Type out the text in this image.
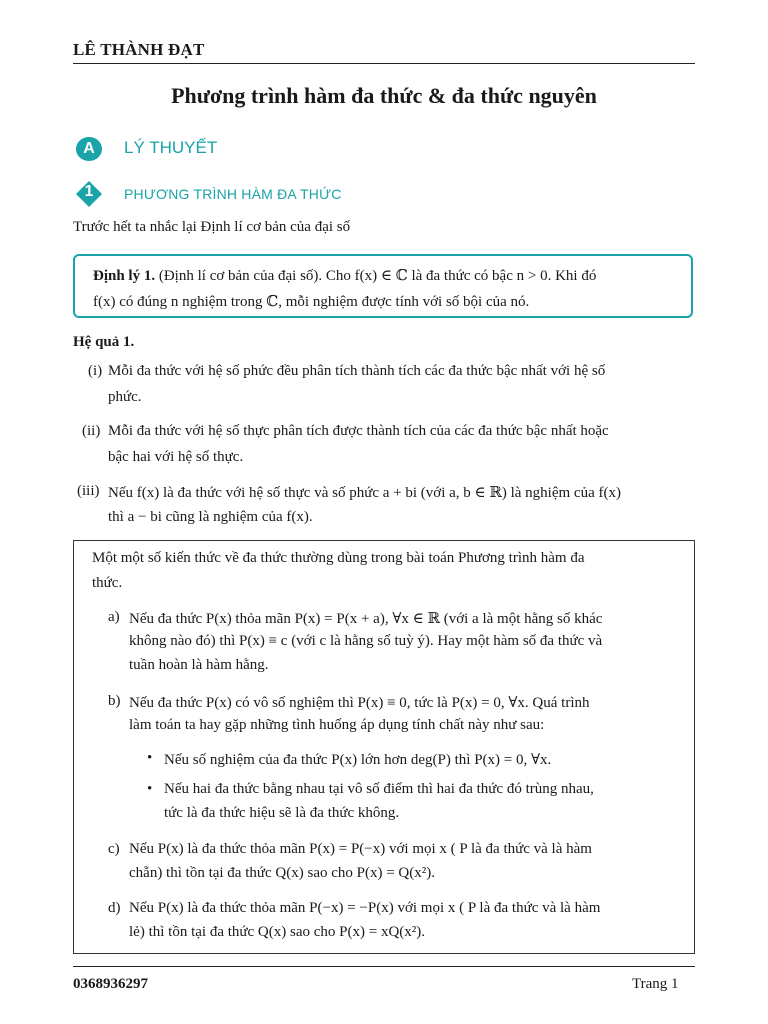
LÊ THÀNH ĐẠT
Phương trình hàm đa thức & đa thức nguyên
A	LÝ THUYẾT
1	PHƯƠNG TRÌNH HÀM ĐA THỨC
Trước hết ta nhắc lại Định lí cơ bản của đại số
Định lý 1. (Định lí cơ bản của đại số). Cho f(x) ∈ ℂ là đa thức có bậc n > 0. Khi đó
f(x) có đúng n nghiệm trong ℂ, mỗi nghiệm được tính với số bội của nó.
Hệ quả 1.
(i) Mỗi đa thức với hệ số phức đều phân tích thành tích các đa thức bậc nhất với hệ số
phức.
(ii) Mỗi đa thức với hệ số thực phân tích được thành tích của các đa thức bậc nhất hoặc
bậc hai với hệ số thực.
(iii) Nếu f(x) là đa thức với hệ số thực và số phức a + bi (với a, b ∈ ℝ) là nghiệm của f(x)
thì a − bi cũng là nghiệm của f(x).
Một một số kiến thức về đa thức thường dùng trong bài toán Phương trình hàm đa
thức.
a) Nếu đa thức P(x) thỏa mãn P(x) = P(x + a), ∀x ∈ ℝ (với a là một hằng số khác
không nào đó) thì P(x) ≡ c (với c là hằng số tuỳ ý). Hay một hàm số đa thức và
tuần hoàn là hàm hằng.
b) Nếu đa thức P(x) có vô số nghiệm thì P(x) ≡ 0, tức là P(x) = 0, ∀x. Quá trình
làm toán ta hay gặp những tình huống áp dụng tính chất này như sau:
• Nếu số nghiệm của đa thức P(x) lớn hơn deg(P) thì P(x) = 0, ∀x.
• Nếu hai đa thức bằng nhau tại vô số điểm thì hai đa thức đó trùng nhau,
tức là đa thức hiệu sẽ là đa thức không.
c) Nếu P(x) là đa thức thỏa mãn P(x) = P(−x) với mọi x ( P là đa thức và là hàm
chẵn) thì tồn tại đa thức Q(x) sao cho P(x) = Q(x²).
d) Nếu P(x) là đa thức thỏa mãn P(−x) = −P(x) với mọi x ( P là đa thức và là hàm
lẻ) thì tồn tại đa thức Q(x) sao cho P(x) = xQ(x²).
0368936297	Trang 1
